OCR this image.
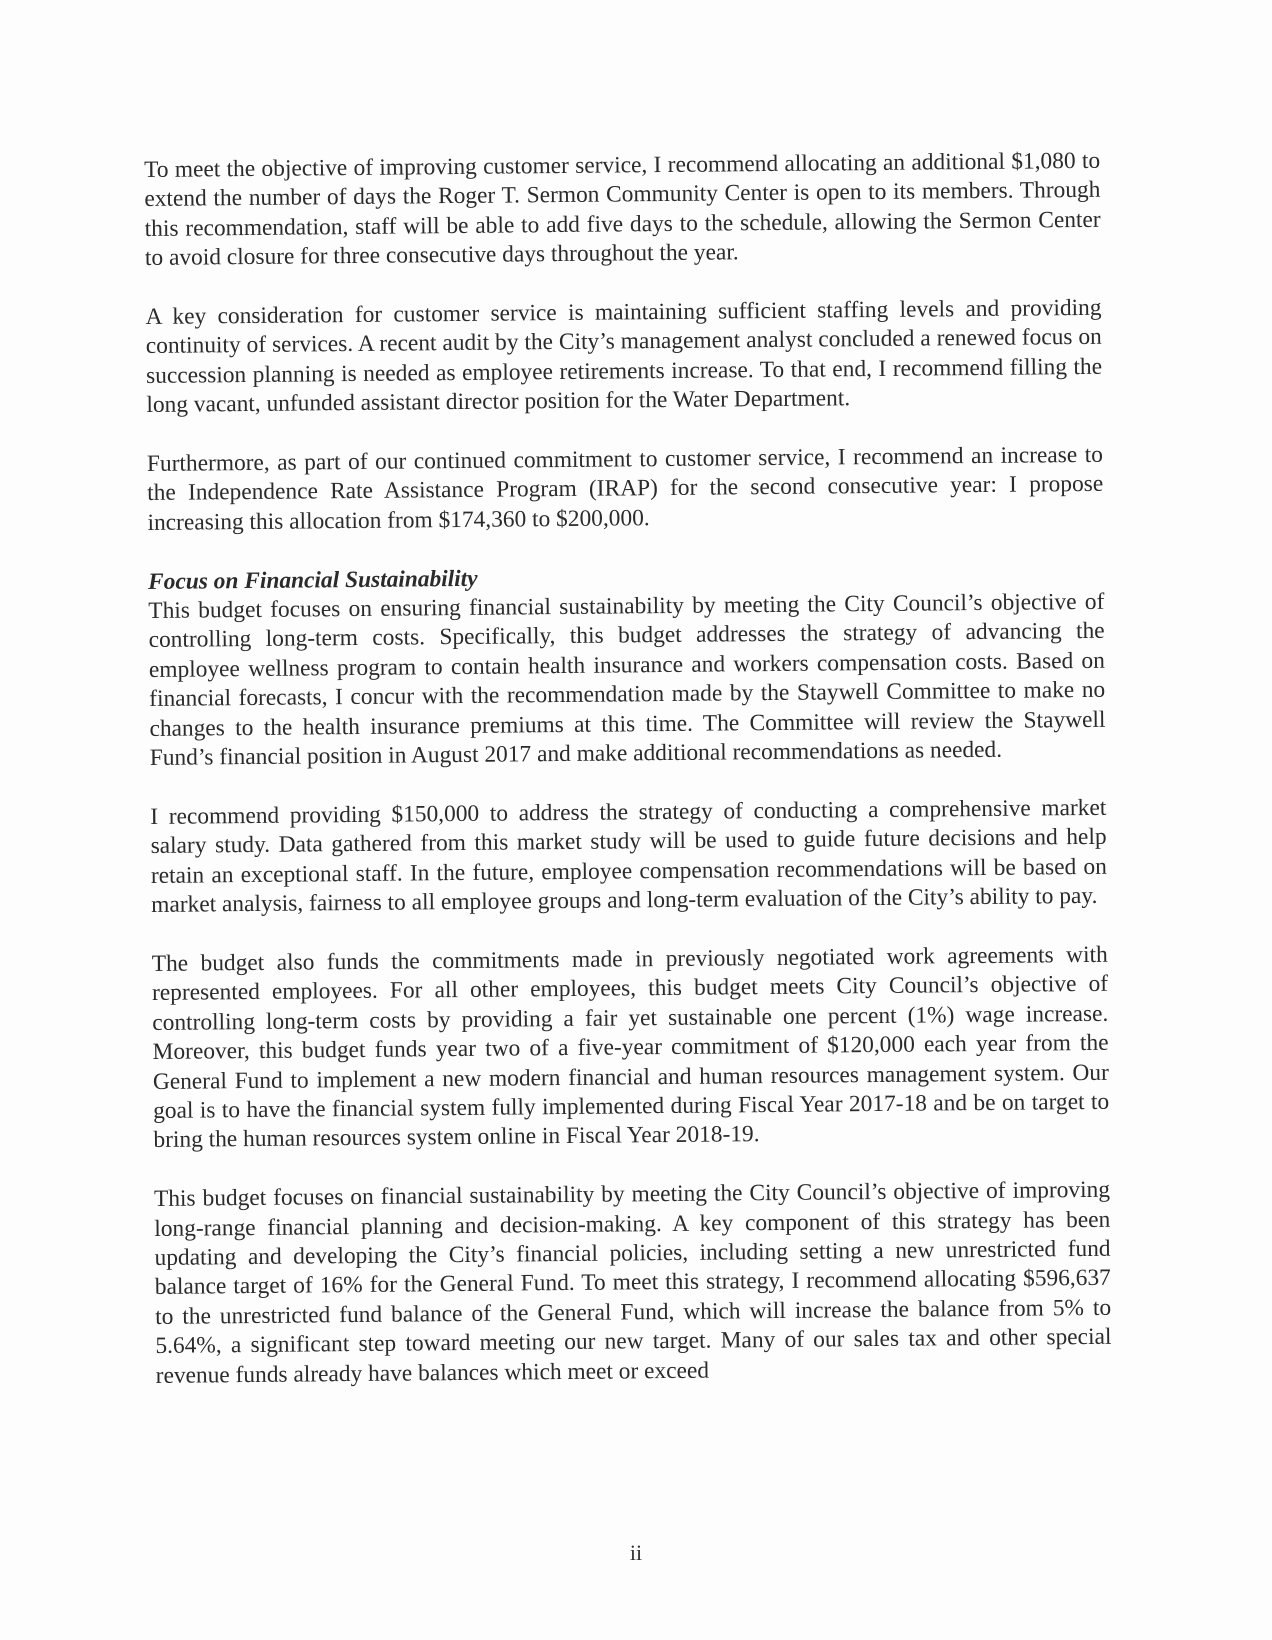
To meet the objective of improving customer service, I recommend allocating an additional $1,080 to extend the number of days the Roger T. Sermon Community Center is open to its members. Through this recommendation, staff will be able to add five days to the schedule, allowing the Sermon Center to avoid closure for three consecutive days throughout the year.

A key consideration for customer service is maintaining sufficient staffing levels and providing continuity of services. A recent audit by the City’s management analyst concluded a renewed focus on succession planning is needed as employee retirements increase. To that end, I recommend filling the long vacant, unfunded assistant director position for the Water Department.

Furthermore, as part of our continued commitment to customer service, I recommend an increase to the Independence Rate Assistance Program (IRAP) for the second consecutive year: I propose increasing this allocation from $174,360 to $200,000.

Focus on Financial Sustainability

This budget focuses on ensuring financial sustainability by meeting the City Council’s objective of controlling long-term costs. Specifically, this budget addresses the strategy of advancing the employee wellness program to contain health insurance and workers compensation costs. Based on financial forecasts, I concur with the recommendation made by the Staywell Committee to make no changes to the health insurance premiums at this time. The Committee will review the Staywell Fund’s financial position in August 2017 and make additional recommendations as needed.

I recommend providing $150,000 to address the strategy of conducting a comprehensive market salary study. Data gathered from this market study will be used to guide future decisions and help retain an exceptional staff. In the future, employee compensation recommendations will be based on market analysis, fairness to all employee groups and long-term evaluation of the City’s ability to pay.

The budget also funds the commitments made in previously negotiated work agreements with represented employees. For all other employees, this budget meets City Council’s objective of controlling long-term costs by providing a fair yet sustainable one percent (1%) wage increase. Moreover, this budget funds year two of a five-year commitment of $120,000 each year from the General Fund to implement a new modern financial and human resources management system. Our goal is to have the financial system fully implemented during Fiscal Year 2017-18 and be on target to bring the human resources system online in Fiscal Year 2018-19.

This budget focuses on financial sustainability by meeting the City Council’s objective of improving long-range financial planning and decision-making. A key component of this strategy has been updating and developing the City’s financial policies, including setting a new unrestricted fund balance target of 16% for the General Fund. To meet this strategy, I recommend allocating $596,637 to the unrestricted fund balance of the General Fund, which will increase the balance from 5% to 5.64%, a significant step toward meeting our new target. Many of our sales tax and other special revenue funds already have balances which meet or exceed

ii
